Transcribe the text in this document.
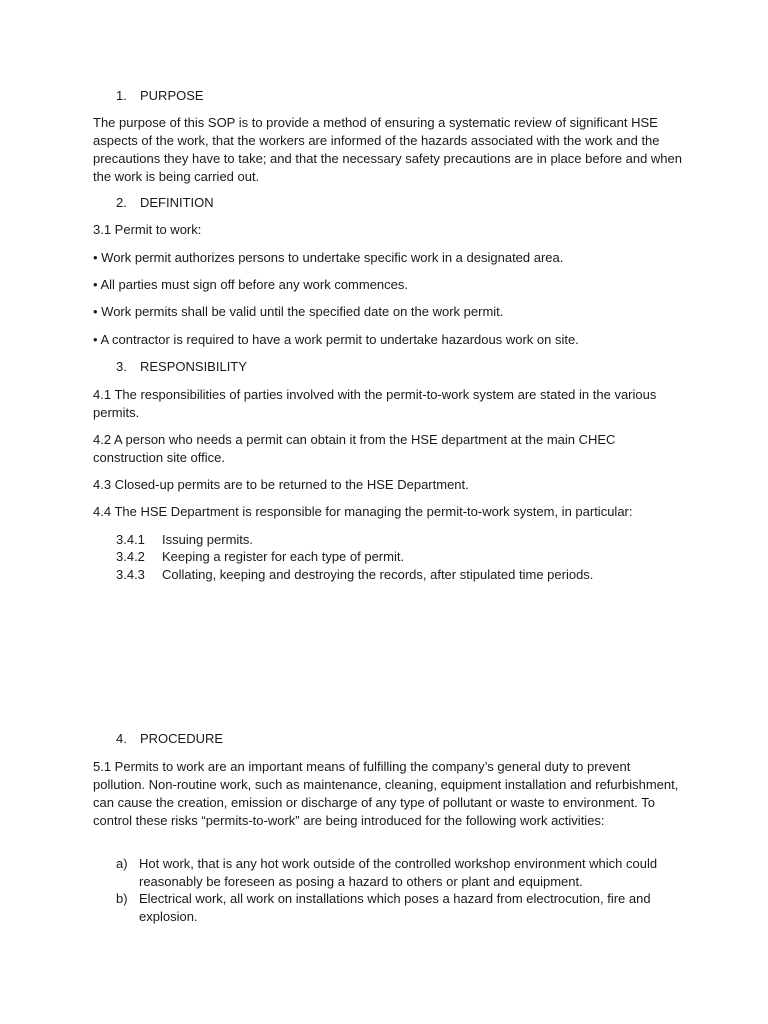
1. PURPOSE

The purpose of this SOP is to provide a method of ensuring a systematic review of significant HSE aspects of the work, that the workers are informed of the hazards associated with the work and the precautions they have to take; and that the necessary safety precautions are in place before and when the work is being carried out.

2. DEFINITION

3.1 Permit to work:

• Work permit authorizes persons to undertake specific work in a designated area.

• All parties must sign off before any work commences.

• Work permits shall be valid until the specified date on the work permit.

• A contractor is required to have a work permit to undertake hazardous work on site.

3. RESPONSIBILITY

4.1 The responsibilities of parties involved with the permit-to-work system are stated in the various permits.

4.2 A person who needs a permit can obtain it from the HSE department at the main CHEC construction site office.

4.3 Closed-up permits are to be returned to the HSE Department.

4.4 The HSE Department is responsible for managing the permit-to-work system, in particular:

3.4.1 Issuing permits.

3.4.2 Keeping a register for each type of permit.

3.4.3 Collating, keeping and destroying the records, after stipulated time periods.

4. PROCEDURE

5.1 Permits to work are an important means of fulfilling the company’s general duty to prevent pollution. Non-routine work, such as maintenance, cleaning, equipment installation and refurbishment, can cause the creation, emission or discharge of any type of pollutant or waste to environment. To control these risks “permits-to-work” are being introduced for the following work activities:

a) Hot work, that is any hot work outside of the controlled workshop environment which could reasonably be foreseen as posing a hazard to others or plant and equipment.

b) Electrical work, all work on installations which poses a hazard from electrocution, fire and explosion.
